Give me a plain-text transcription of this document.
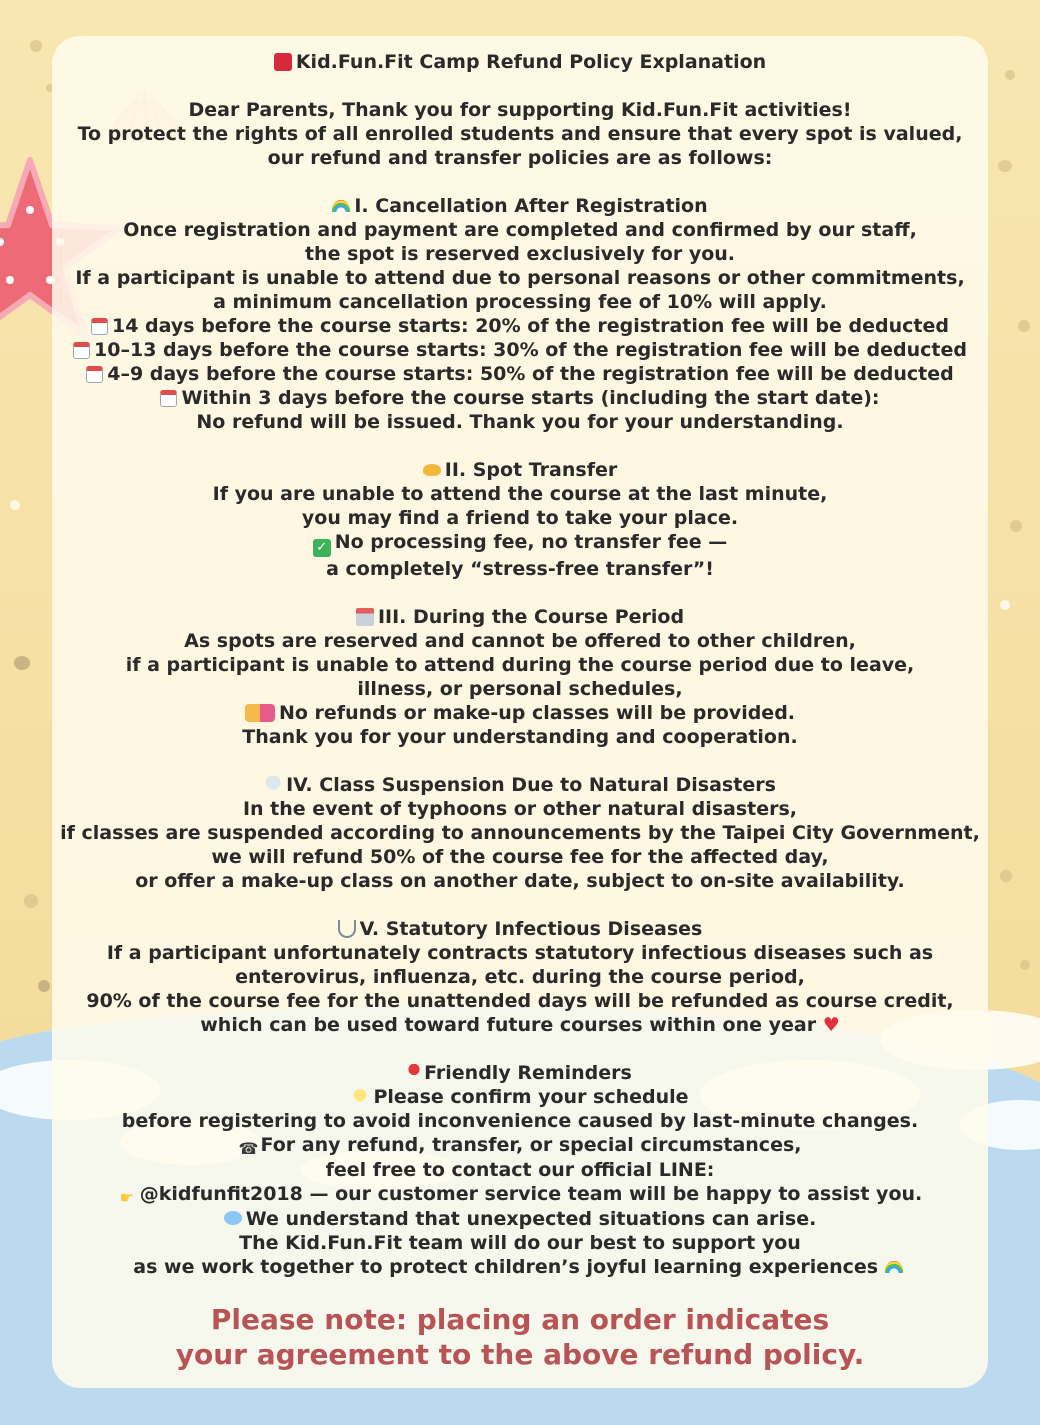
Kid.Fun.Fit Camp Refund Policy Explanation
Dear Parents, Thank you for supporting Kid.Fun.Fit activities!
To protect the rights of all enrolled students and ensure that every spot is valued,
our refund and transfer policies are as follows:
I. Cancellation After Registration
Once registration and payment are completed and confirmed by our staff,
the spot is reserved exclusively for you.
If a participant is unable to attend due to personal reasons or other commitments,
a minimum cancellation processing fee of 10% will apply.
14 days before the course starts: 20% of the registration fee will be deducted
10–13 days before the course starts: 30% of the registration fee will be deducted
4–9 days before the course starts: 50% of the registration fee will be deducted
Within 3 days before the course starts (including the start date):
No refund will be issued. Thank you for your understanding.
II. Spot Transfer
If you are unable to attend the course at the last minute,
you may find a friend to take your place.
✓ No processing fee, no transfer fee —
a completely “stress-free transfer”!
III. During the Course Period
As spots are reserved and cannot be offered to other children,
if a participant is unable to attend during the course period due to leave,
illness, or personal schedules,
No refunds or make-up classes will be provided.
Thank you for your understanding and cooperation.
IV. Class Suspension Due to Natural Disasters
In the event of typhoons or other natural disasters,
if classes are suspended according to announcements by the Taipei City Government,
we will refund 50% of the course fee for the affected day,
or offer a make-up class on another date, subject to on-site availability.
V. Statutory Infectious Diseases
If a participant unfortunately contracts statutory infectious diseases such as
enterovirus, influenza, etc. during the course period,
90% of the course fee for the unattended days will be refunded as course credit,
which can be used toward future courses within one year ♥
Friendly Reminders
Please confirm your schedule
before registering to avoid inconvenience caused by last-minute changes.
☎ For any refund, transfer, or special circumstances,
feel free to contact our official LINE:
☛ @kidfunfit2018 — our customer service team will be happy to assist you.
We understand that unexpected situations can arise.
The Kid.Fun.Fit team will do our best to support you
as we work together to protect children’s joyful learning experiences
Please note: placing an order indicates
your agreement to the above refund policy.
